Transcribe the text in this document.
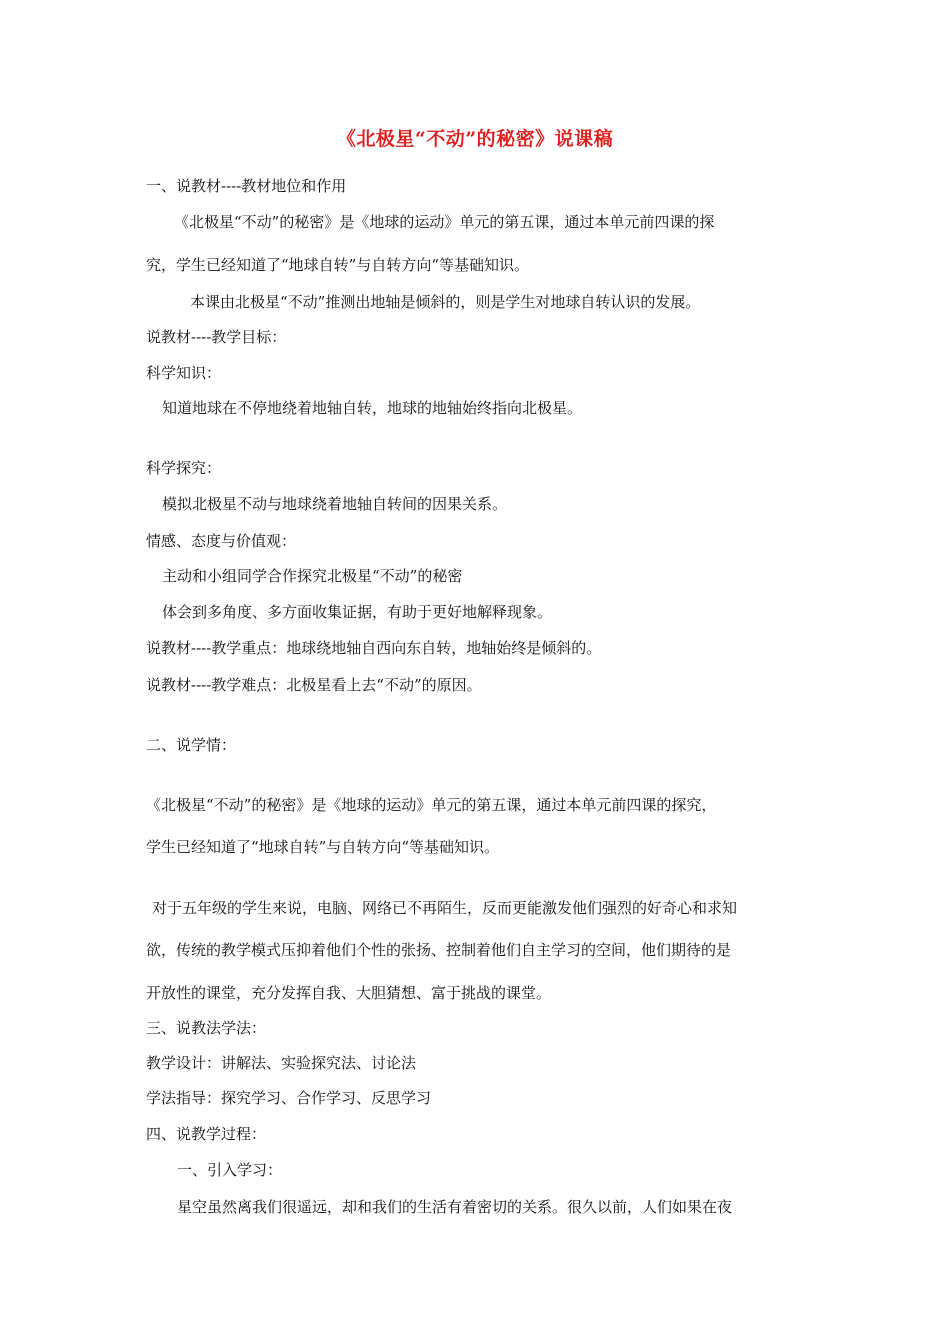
《北极星“不动”的秘密》说课稿
一、说教材----教材地位和作用
《北极星“不动”的秘密》是《地球的运动》单元的第五课，通过本单元前四课的探
究，学生已经知道了“地球自转”与自转方向“等基础知识。
本课由北极星“不动”推测出地轴是倾斜的，则是学生对地球自转认识的发展。
说教材----教学目标：
科学知识：
知道地球在不停地绕着地轴自转，地球的地轴始终指向北极星。
科学探究：
模拟北极星不动与地球绕着地轴自转间的因果关系。
情感、态度与价值观：
主动和小组同学合作探究北极星“不动”的秘密
体会到多角度、多方面收集证据，有助于更好地解释现象。
说教材----教学重点：地球绕地轴自西向东自转，地轴始终是倾斜的。
说教材----教学难点：北极星看上去“不动”的原因。
二、说学情：
《北极星“不动”的秘密》是《地球的运动》单元的第五课，通过本单元前四课的探究，
学生已经知道了“地球自转”与自转方向“等基础知识。
对于五年级的学生来说，电脑、网络已不再陌生，反而更能激发他们强烈的好奇心和求知
欲，传统的教学模式压抑着他们个性的张扬、控制着他们自主学习的空间，他们期待的是
开放性的课堂，充分发挥自我、大胆猜想、富于挑战的课堂。
三、说教法学法：
教学设计：讲解法、实验探究法、讨论法
学法指导：探究学习、合作学习、反思学习
四、说教学过程：
一、引入学习：
星空虽然离我们很遥远，却和我们的生活有着密切的关系。很久以前，人们如果在夜
